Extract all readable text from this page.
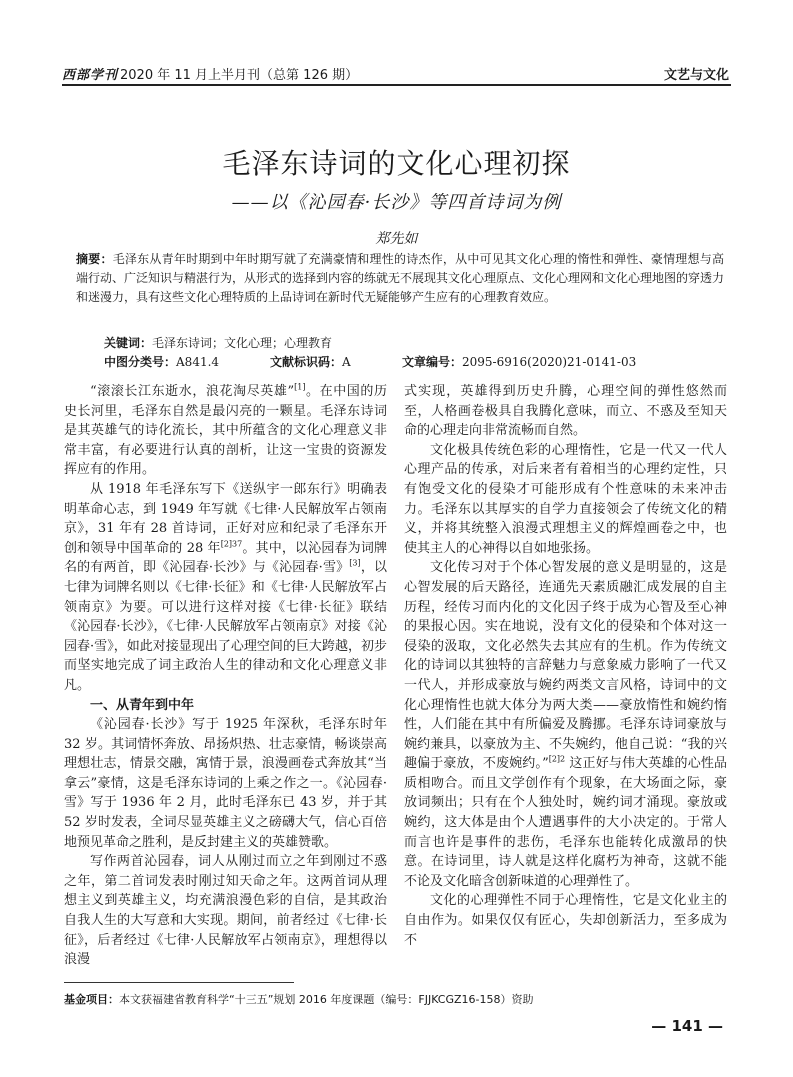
西部学刊 2020 年 11 月上半月刊（总第 126 期）	文艺与文化
毛泽东诗词的文化心理初探
——以《沁园春·长沙》等四首诗词为例
郑先如
摘要：毛泽东从青年时期到中年时期写就了充满豪情和理性的诗杰作，从中可见其文化心理的惰性和弹性、豪情理想与高端行动、广泛知识与精湛行为，从形式的选择到内容的练就无不展现其文化心理原点、文化心理网和文化心理地图的穿透力和迷漫力，具有这些文化心理特质的上品诗词在新时代无疑能够产生应有的心理教育效应。
关键词：毛泽东诗词；文化心理；心理教育
中图分类号：A841.4	文献标识码：A	文章编号：2095-6916(2020)21-0141-03

“滚滚长江东逝水，浪花淘尽英雄”[1]。在中国的历史长河里，毛泽东自然是最闪亮的一颗星。毛泽东诗词是其英雄气的诗化流长，其中所蕴含的文化心理意义非常丰富，有必要进行认真的剖析，让这一宝贵的资源发挥应有的作用。

从 1918 年毛泽东写下《送纵宇一郎东行》明确表明革命心志，到 1949 年写就《七律·人民解放军占领南京》，31 年有 28 首诗词，正好对应和纪录了毛泽东开创和领导中国革命的 28 年$^{[2]37}$。其中，以沁园春为词牌名的有两首，即《沁园春·长沙》与《沁园春·雪》[3]，以七律为词牌名则以《七律·长征》和《七律·人民解放军占领南京》为要。可以进行这样对接《七律·长征》联结《沁园春·长沙》，《七律·人民解放军占领南京》对接《沁园春·雪》，如此对接显现出了心理空间的巨大跨越，初步而坚实地完成了词主政治人生的律动和文化心理意义非凡。

一、从青年到中年

《沁园春·长沙》写于 1925 年深秋，毛泽东时年 32 岁。其词情怀奔放、昂扬炽热、壮志豪情，畅谈崇高理想壮志，情景交融，寓情于景，浪漫画卷式奔放其“当拿云”豪情，这是毛泽东诗词的上乘之作之一。《沁园春·雪》写于 1936 年 2 月，此时毛泽东已 43 岁，并于其 52 岁时发表，全词尽显英雄主义之磅礴大气，信心百倍地预见革命之胜利，是反封建主义的英雄赞歌。

写作两首沁园春，词人从刚过而立之年到刚过不惑之年，第二首词发表时刚过知天命之年。这两首词从理想主义到英雄主义，均充满浪漫色彩的自信，是其政治自我人生的大写意和大实现。期间，前者经过《七律·长征》，后者经过《七律·人民解放军占领南京》，理想得以浪漫

式实现，英雄得到历史升腾，心理空间的弹性悠然而至，人格画卷极具自我腾化意味，而立、不惑及至知天命的心理走向非常流畅而自然。

文化极具传统色彩的心理惰性，它是一代又一代人心理产品的传承，对后来者有着相当的心理约定性，只有饱受文化的侵染才可能形成有个性意味的未来冲击力。毛泽东以其厚实的自学力直接领会了传统文化的精义，并将其统整入浪漫式理想主义的辉煌画卷之中，也使其主人的心神得以自如地张扬。

文化传习对于个体心智发展的意义是明显的，这是心智发展的后天路径，连通先天素质融汇成发展的自主历程，经传习而内化的文化因子终于成为心智及至心神的果报心因。实在地说，没有文化的侵染和个体对这一侵染的汲取，文化必然失去其应有的生机。作为传统文化的诗词以其独特的言辞魅力与意象威力影响了一代又一代人，并形成豪放与婉约两类文言风格，诗词中的文化心理惰性也就大体分为两大类——豪放惰性和婉约惰性，人们能在其中有所偏爱及腾挪。毛泽东诗词豪放与婉约兼具，以豪放为主、不失婉约，他自己说：“我的兴趣偏于豪放，不废婉约。”$^{[2]2}$ 这正好与伟大英雄的心性品质相吻合。而且文学创作有个现象，在大场面之际，豪放词频出；只有在个人独处时，婉约词才涌现。豪放或婉约，这大体是由个人遭遇事件的大小决定的。于常人而言也许是事件的悲伤，毛泽东也能转化成激昂的快意。在诗词里，诗人就是这样化腐朽为神奇，这就不能不论及文化暗含创新味道的心理弹性了。

文化的心理弹性不同于心理惰性，它是文化业主的自由作为。如果仅仅有匠心，失却创新活力，至多成为不

基金项目：本文获福建省教育科学“十三五”规划 2016 年度课题（编号：FJJKCGZ16-158）资助
— 141 —
